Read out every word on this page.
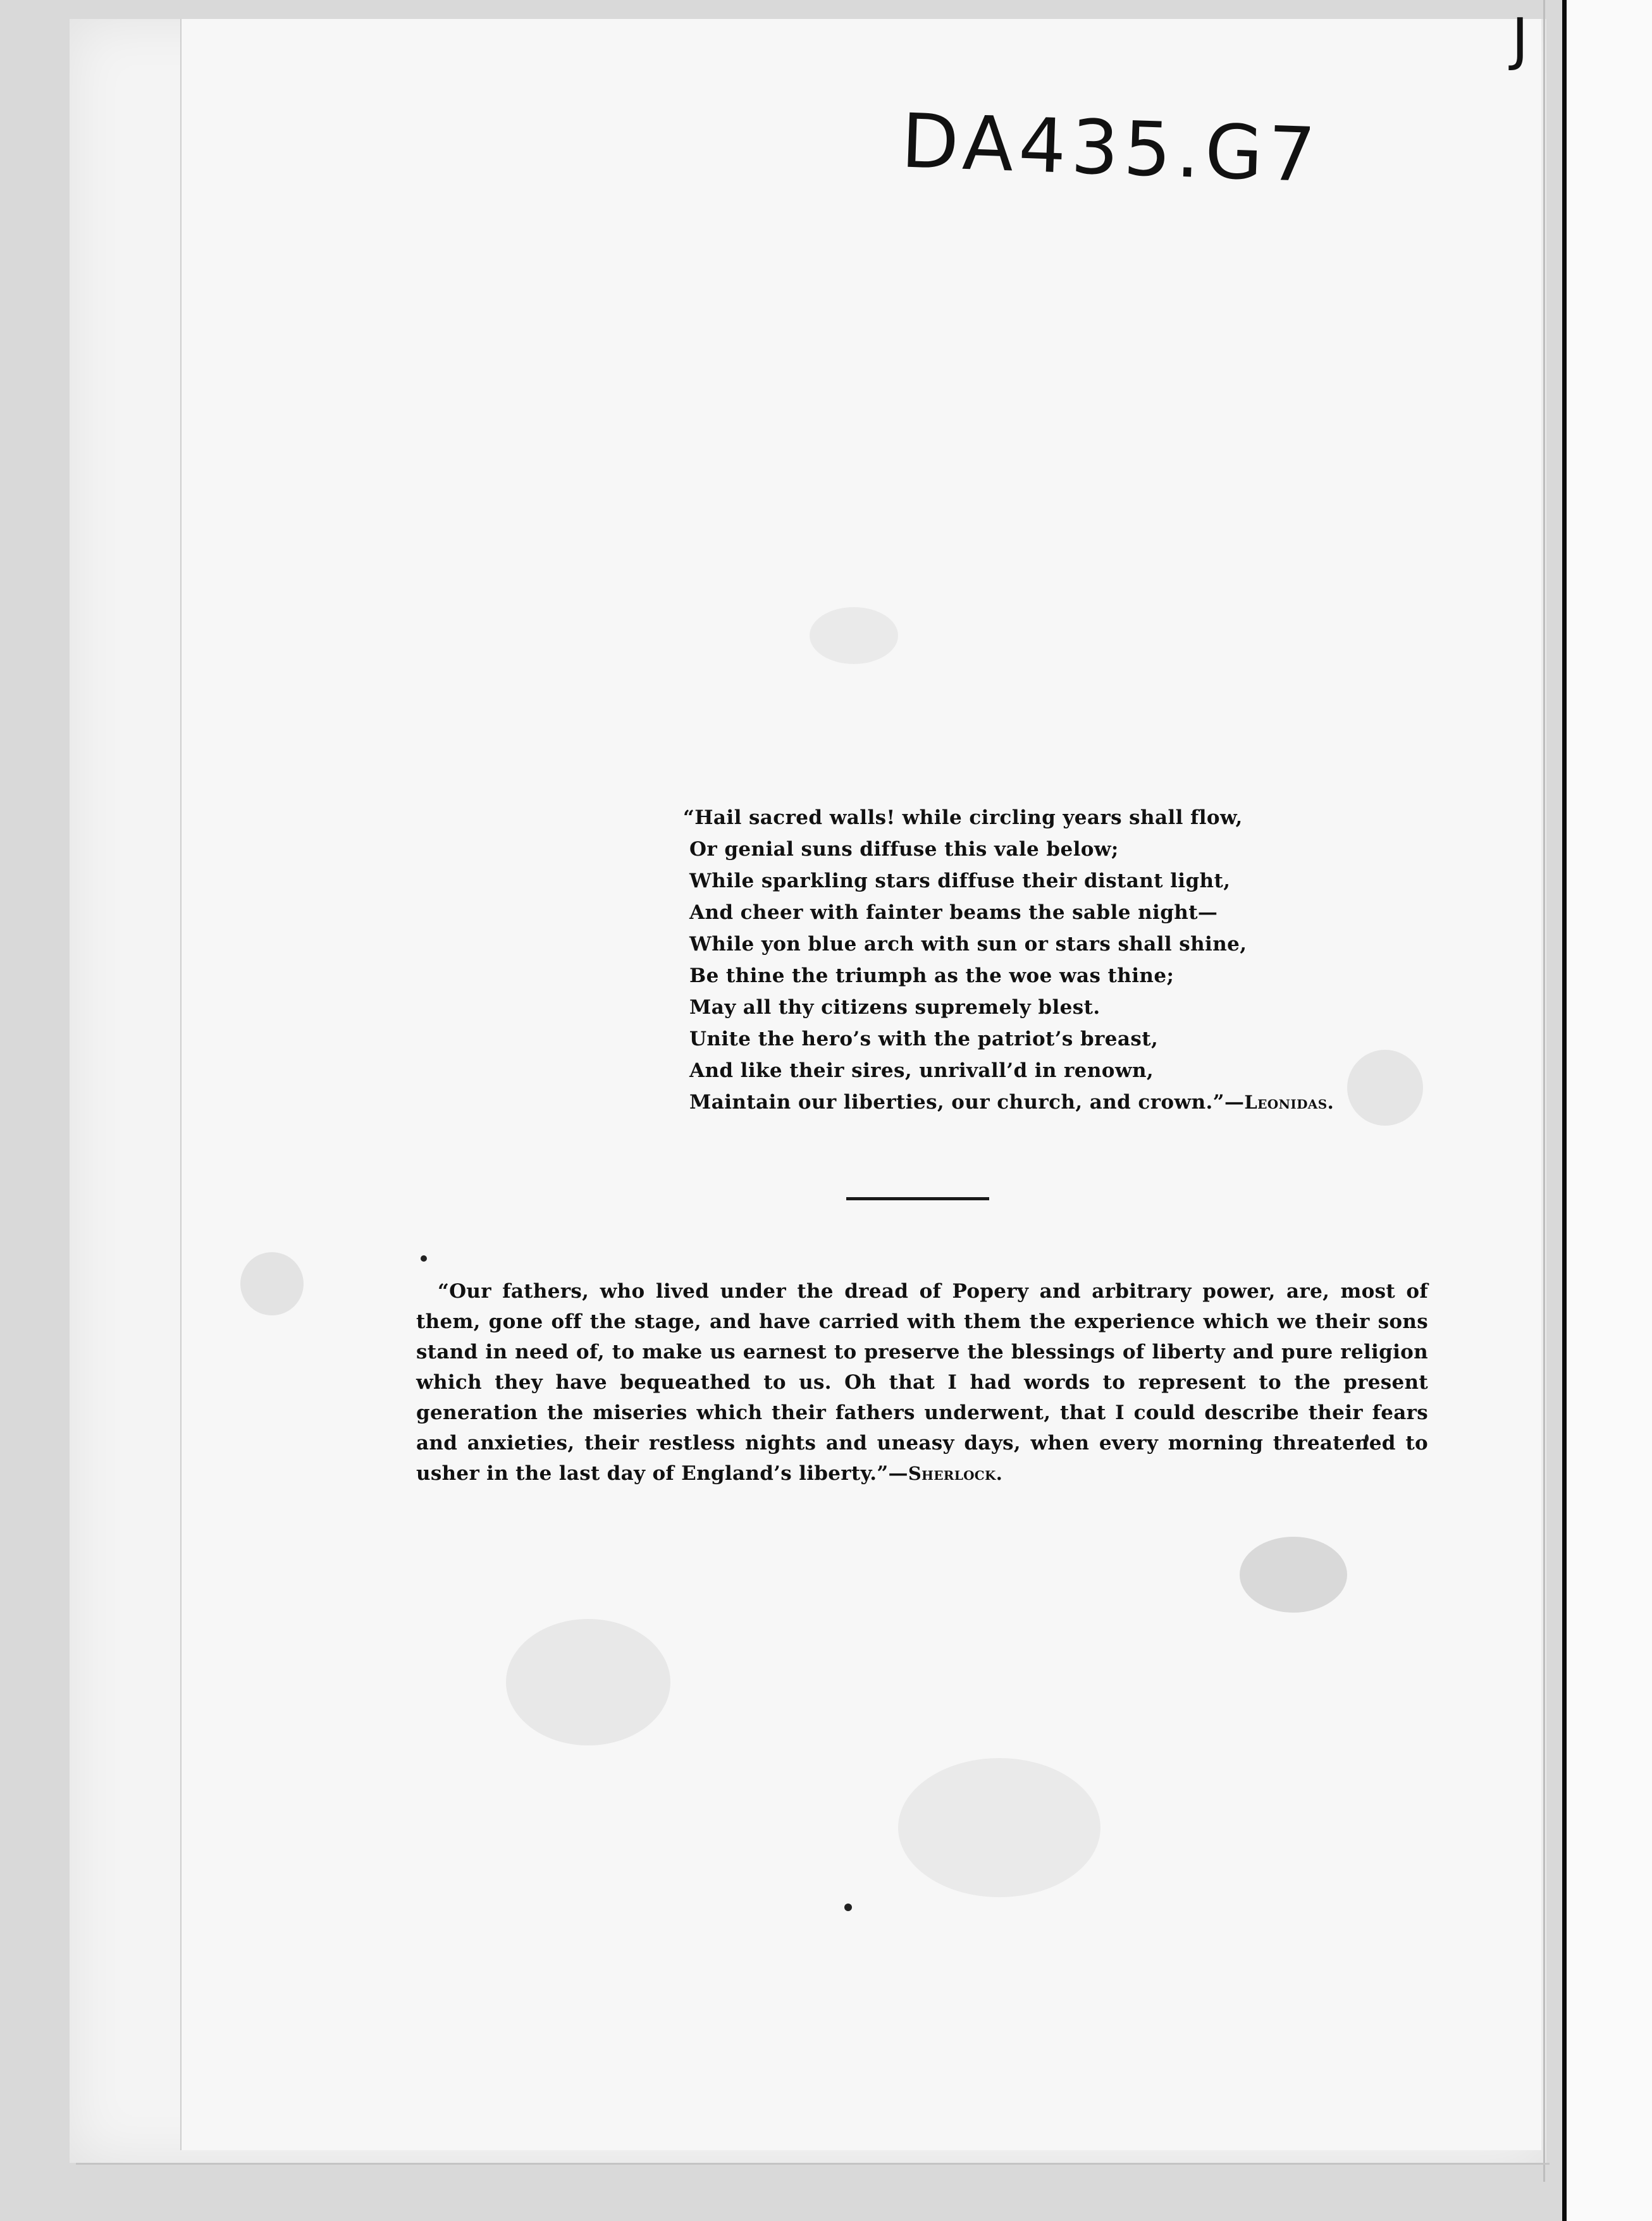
DA435.G7
J
“Hail sacred walls! while circling years shall flow,
Or genial suns diffuse this vale below;
While sparkling stars diffuse their distant light,
And cheer with fainter beams the sable night—
While yon blue arch with sun or stars shall shine,
Be thine the triumph as the woe was thine;
May all thy citizens supremely blest.
Unite the hero’s with the patriot’s breast,
And like their sires, unrivall’d in renown,
Maintain our liberties, our church, and crown.”—Leonidas.
“Our fathers, who lived under the dread of Popery and arbitrary power, are, most of them, gone off the stage, and have carried with them the experience which we their sons stand in need of, to make us earnest to preserve the blessings of liberty and pure religion which they have bequeathed to us. Oh that I had words to represent to the present generation the miseries which their fathers underwent, that I could describe their fears and anxieties, their restless nights and uneasy days, when every morning threatened to usher in the last day of England’s liberty.”—Sherlock.
